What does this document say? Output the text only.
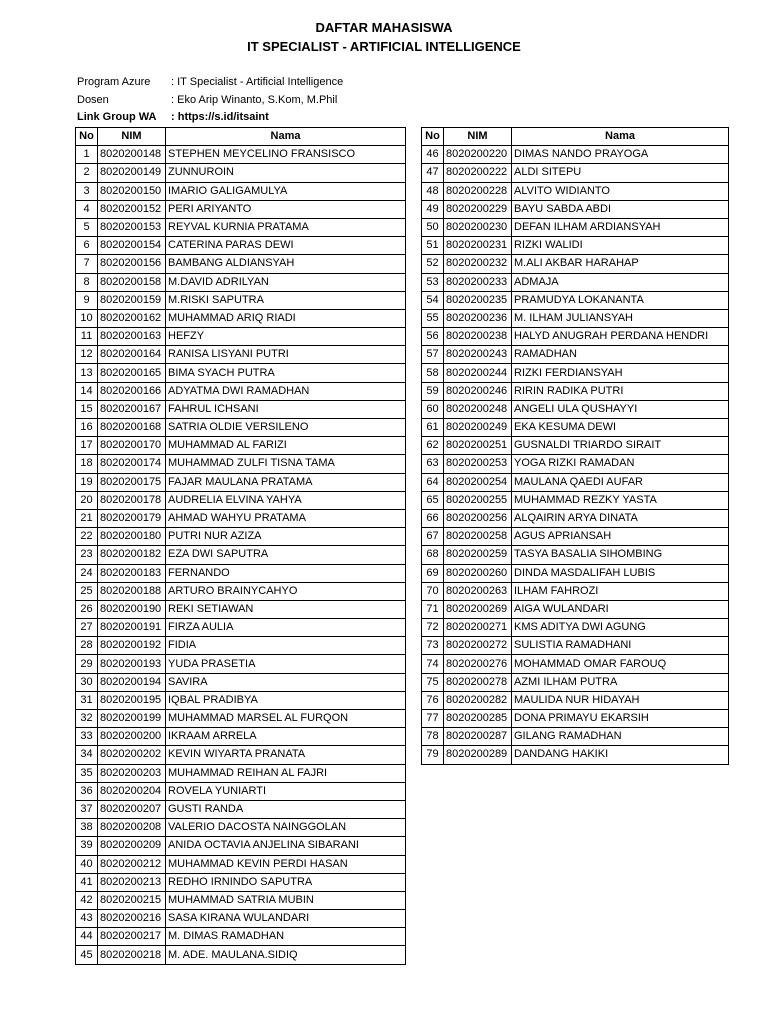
DAFTAR MAHASISWA
IT SPECIALIST - ARTIFICIAL INTELLIGENCE
Program Azure : IT Specialist - Artificial Intelligence
Dosen	: Eko Arip Winanto, S.Kom, M.Phil
Link Group WA : https://s.id/itsaint
No	NIM	Nama
1	8020200148	STEPHEN MEYCELINO FRANSISCO
2	8020200149	ZUNNUROIN
3	8020200150	IMARIO GALIGAMULYA
4	8020200152	PERI ARIYANTO
5	8020200153	REYVAL KURNIA PRATAMA
6	8020200154	CATERINA PARAS DEWI
7	8020200156	BAMBANG ALDIANSYAH
8	8020200158	M.DAVID ADRILYAN
9	8020200159	M.RISKI SAPUTRA
10	8020200162	MUHAMMAD ARIQ RIADI
11	8020200163	HEFZY
12	8020200164	RANISA LISYANI PUTRI
13	8020200165	BIMA SYACH PUTRA
14	8020200166	ADYATMA DWI RAMADHAN
15	8020200167	FAHRUL ICHSANI
16	8020200168	SATRIA OLDIE VERSILENO
17	8020200170	MUHAMMAD AL FARIZI
18	8020200174	MUHAMMAD ZULFI TISNA TAMA
19	8020200175	FAJAR MAULANA PRATAMA
20	8020200178	AUDRELIA ELVINA YAHYA
21	8020200179	AHMAD WAHYU PRATAMA
22	8020200180	PUTRI NUR AZIZA
23	8020200182	EZA DWI SAPUTRA
24	8020200183	FERNANDO
25	8020200188	ARTURO BRAINYCAHYO
26	8020200190	REKI SETIAWAN
27	8020200191	FIRZA AULIA
28	8020200192	FIDIA
29	8020200193	YUDA PRASETIA
30	8020200194	SAVIRA
31	8020200195	IQBAL PRADIBYA
32	8020200199	MUHAMMAD MARSEL AL FURQON
33	8020200200	IKRAAM ARRELA
34	8020200202	KEVIN WIYARTA PRANATA
35	8020200203	MUHAMMAD REIHAN AL FAJRI
36	8020200204	ROVELA YUNIARTI
37	8020200207	GUSTI RANDA
38	8020200208	VALERIO DACOSTA NAINGGOLAN
39	8020200209	ANIDA OCTAVIA ANJELINA SIBARANI
40	8020200212	MUHAMMAD KEVIN PERDI HASAN
41	8020200213	REDHO IRNINDO SAPUTRA
42	8020200215	MUHAMMAD SATRIA MUBIN
43	8020200216	SASA KIRANA WULANDARI
44	8020200217	M. DIMAS RAMADHAN
45	8020200218	M. ADE. MAULANA.SIDIQ
No	NIM	Nama
46	8020200220	DIMAS NANDO PRAYOGA
47	8020200222	ALDI SITEPU
48	8020200228	ALVITO WIDIANTO
49	8020200229	BAYU SABDA ABDI
50	8020200230	DEFAN ILHAM ARDIANSYAH
51	8020200231	RIZKI WALIDI
52	8020200232	M.ALI AKBAR HARAHAP
53	8020200233	ADMAJA
54	8020200235	PRAMUDYA LOKANANTA
55	8020200236	M. ILHAM JULIANSYAH
56	8020200238	HALYD ANUGRAH PERDANA HENDRI
57	8020200243	RAMADHAN
58	8020200244	RIZKI FERDIANSYAH
59	8020200246	RIRIN RADIKA PUTRI
60	8020200248	ANGELI ULA QUSHAYYI
61	8020200249	EKA KESUMA DEWI
62	8020200251	GUSNALDI TRIARDO SIRAIT
63	8020200253	YOGA RIZKI RAMADAN
64	8020200254	MAULANA QAEDI AUFAR
65	8020200255	MUHAMMAD REZKY YASTA
66	8020200256	ALQAIRIN ARYA DINATA
67	8020200258	AGUS APRIANSAH
68	8020200259	TASYA BASALIA SIHOMBING
69	8020200260	DINDA MASDALIFAH LUBIS
70	8020200263	ILHAM FAHROZI
71	8020200269	AIGA WULANDARI
72	8020200271	KMS ADITYA DWI AGUNG
73	8020200272	SULISTIA RAMADHANI
74	8020200276	MOHAMMAD OMAR FAROUQ
75	8020200278	AZMI ILHAM PUTRA
76	8020200282	MAULIDA NUR HIDAYAH
77	8020200285	DONA PRIMAYU EKARSIH
78	8020200287	GILANG RAMADHAN
79	8020200289	DANDANG HAKIKI
